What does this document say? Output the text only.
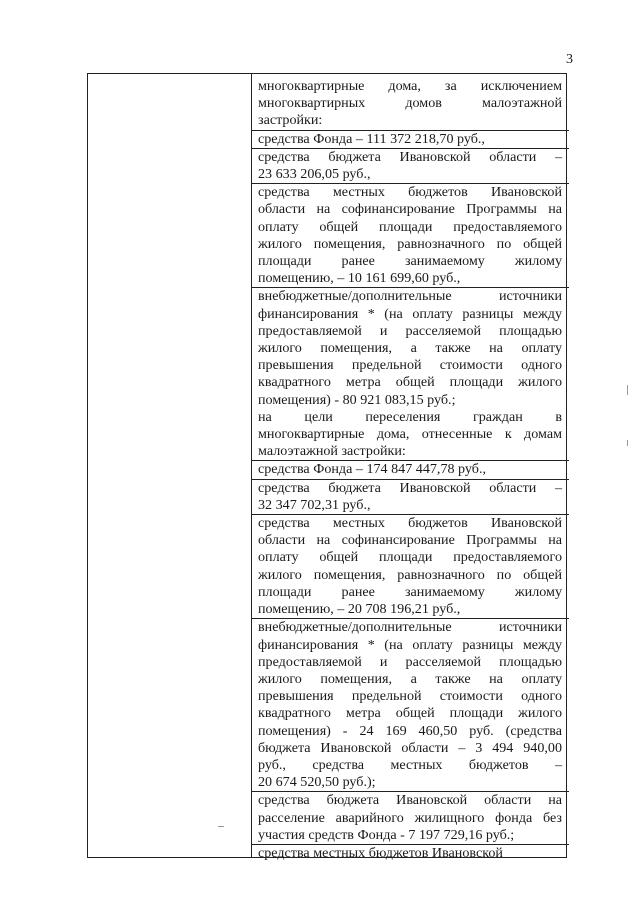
3
многоквартирные дома, за исключением
многоквартирных домов малоэтажной
застройки:
средства Фонда – 111 372 218,70 руб.,
средства бюджета Ивановской области –
23 633 206,05 руб.,
средства местных бюджетов Ивановской
области на софинансирование Программы на
оплату общей площади предоставляемого
жилого помещения, равнозначного по общей
площади ранее занимаемому жилому
помещению, – 10 161 699,60 руб.,
внебюджетные/дополнительные источники
финансирования * (на оплату разницы между
предоставляемой и расселяемой площадью
жилого помещения, а также на оплату
превышения предельной стоимости одного
квадратного метра общей площади жилого
помещения) - 80 921 083,15 руб.;
на цели переселения граждан в
многоквартирные дома, отнесенные к домам
малоэтажной застройки:
средства Фонда – 174 847 447,78 руб.,
средства бюджета Ивановской области –
32 347 702,31 руб.,
средства местных бюджетов Ивановской
области на софинансирование Программы на
оплату общей площади предоставляемого
жилого помещения, равнозначного по общей
площади ранее занимаемому жилому
помещению, – 20 708 196,21 руб.,
внебюджетные/дополнительные источники
финансирования * (на оплату разницы между
предоставляемой и расселяемой площадью
жилого помещения, а также на оплату
превышения предельной стоимости одного
квадратного метра общей площади жилого
помещения) - 24 169 460,50 руб. (средства
бюджета Ивановской области – 3 494 940,00
руб., средства местных бюджетов –
20 674 520,50 руб.);
средства бюджета Ивановской области на
расселение аварийного жилищного фонда без
участия средств Фонда - 7 197 729,16 руб.;
средства местных бюджетов Ивановской
